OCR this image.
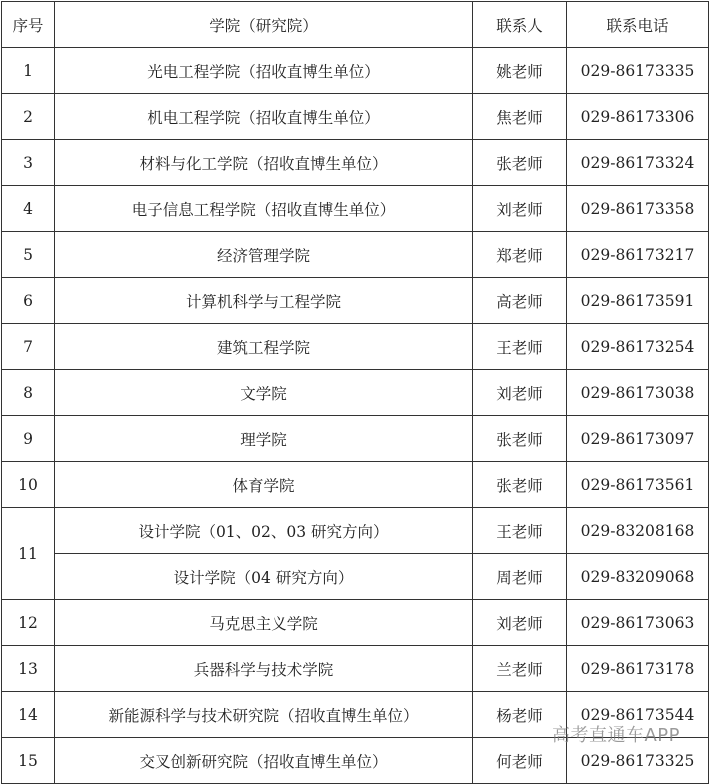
序号	学院（研究院）	联系人	联系电话
1	光电工程学院（招收直博生单位）	姚老师	029-86173335
2	机电工程学院（招收直博生单位）	焦老师	029-86173306
3	材料与化工学院（招收直博生单位）	张老师	029-86173324
4	电子信息工程学院（招收直博生单位）	刘老师	029-86173358
5	经济管理学院	郑老师	029-86173217
6	计算机科学与工程学院	高老师	029-86173591
7	建筑工程学院	王老师	029-86173254
8	文学院	刘老师	029-86173038
9	理学院	张老师	029-86173097
10	体育学院	张老师	029-86173561
11	设计学院（01、02、03 研究方向）	王老师	029-83208168
	设计学院（04 研究方向）	周老师	029-83209068
12	马克思主义学院	刘老师	029-86173063
13	兵器科学与技术学院	兰老师	029-86173178
14	新能源科学与技术研究院（招收直博生单位）	杨老师	029-86173544
15	交叉创新研究院（招收直博生单位）	何老师	029-86173325
高考直通车APP
